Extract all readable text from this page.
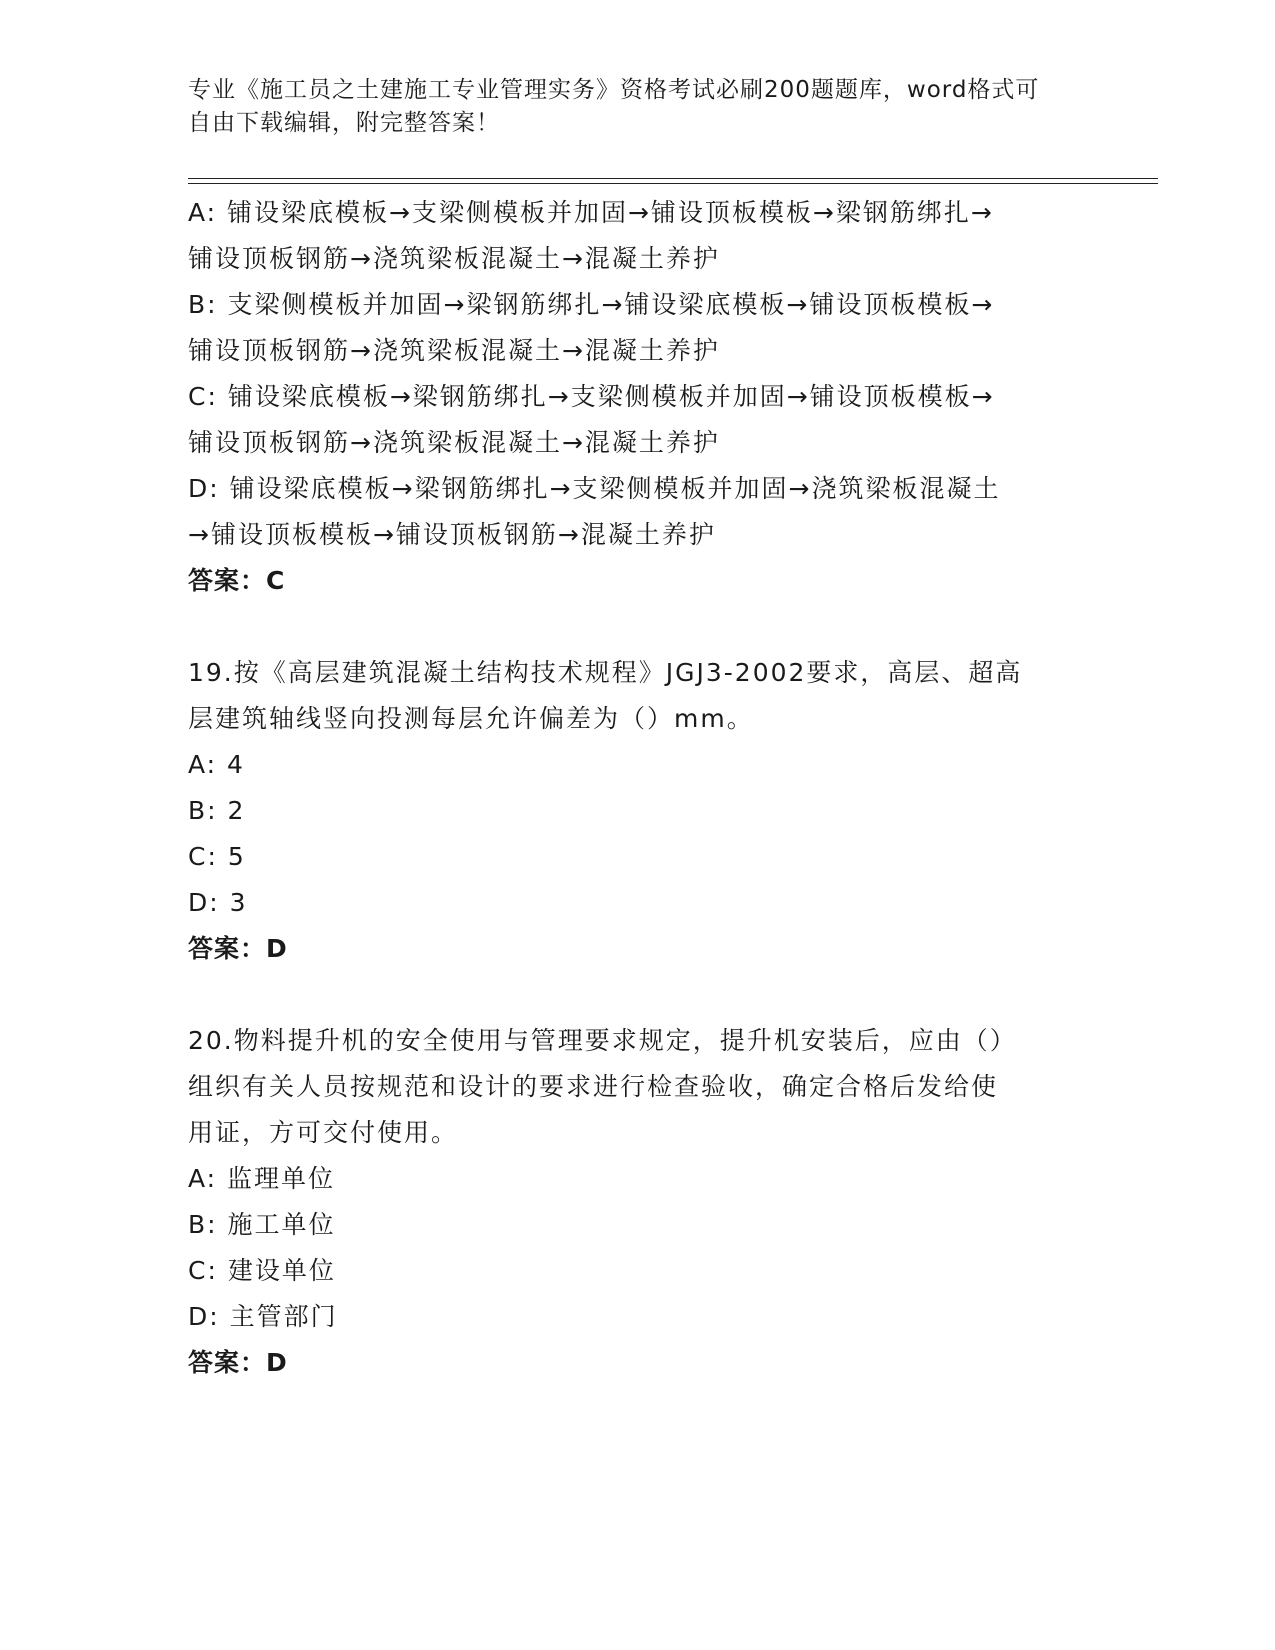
专业《施工员之土建施工专业管理实务》资格考试必刷200题题库，word格式可
自由下载编辑，附完整答案！
A: 铺设梁底模板→支梁侧模板并加固→铺设顶板模板→梁钢筋绑扎→
铺设顶板钢筋→浇筑梁板混凝土→混凝土养护
B: 支梁侧模板并加固→梁钢筋绑扎→铺设梁底模板→铺设顶板模板→
铺设顶板钢筋→浇筑梁板混凝土→混凝土养护
C: 铺设梁底模板→梁钢筋绑扎→支梁侧模板并加固→铺设顶板模板→
铺设顶板钢筋→浇筑梁板混凝土→混凝土养护
D: 铺设梁底模板→梁钢筋绑扎→支梁侧模板并加固→浇筑梁板混凝土
→铺设顶板模板→铺设顶板钢筋→混凝土养护
答案：C
19.按《高层建筑混凝土结构技术规程》JGJ3-2002要求，高层、超高
层建筑轴线竖向投测每层允许偏差为（）mm。
A: 4
B: 2
C: 5
D: 3
答案：D
20.物料提升机的安全使用与管理要求规定，提升机安装后，应由（）
组织有关人员按规范和设计的要求进行检查验收，确定合格后发给使
用证，方可交付使用。
A: 监理单位
B: 施工单位
C: 建设单位
D: 主管部门
答案：D
